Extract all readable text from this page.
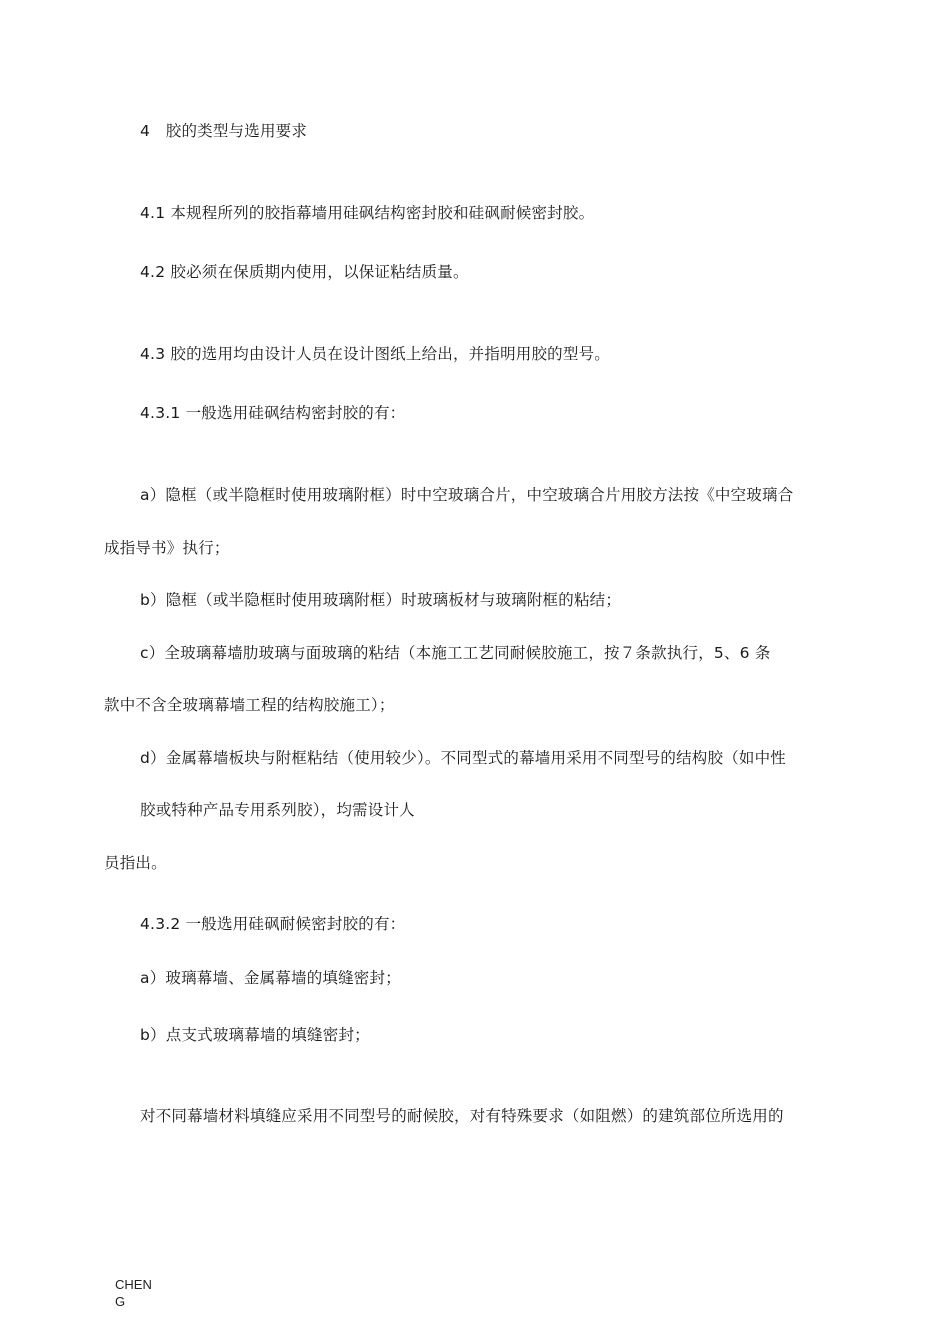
4　胶的类型与选用要求
4.1 本规程所列的胶指幕墙用硅砜结构密封胶和硅砜耐候密封胶。
4.2 胶必须在保质期内使用，以保证粘结质量。
4.3 胶的选用均由设计人员在设计图纸上给出，并指明用胶的型号。
4.3.1 一般选用硅砜结构密封胶的有：
a）隐框（或半隐框时使用玻璃附框）时中空玻璃合片，中空玻璃合片用胶方法按《中空玻璃合
成指导书》执行；
b）隐框（或半隐框时使用玻璃附框）时玻璃板材与玻璃附框的粘结；
c）全玻璃幕墙肋玻璃与面玻璃的粘结（本施工工艺同耐候胶施工，按７条款执行，5、6 条
款中不含全玻璃幕墙工程的结构胶施工）；
d）金属幕墙板块与附框粘结（使用较少）。不同型式的幕墙用采用不同型号的结构胶（如中性
胶或特种产品专用系列胶），均需设计人
员指出。
4.3.2 一般选用硅砜耐候密封胶的有：
a）玻璃幕墙、金属幕墙的填缝密封；
b）点支式玻璃幕墙的填缝密封；
对不同幕墙材料填缝应采用不同型号的耐候胶，对有特殊要求（如阻燃）的建筑部位所选用的
CHEN
G
